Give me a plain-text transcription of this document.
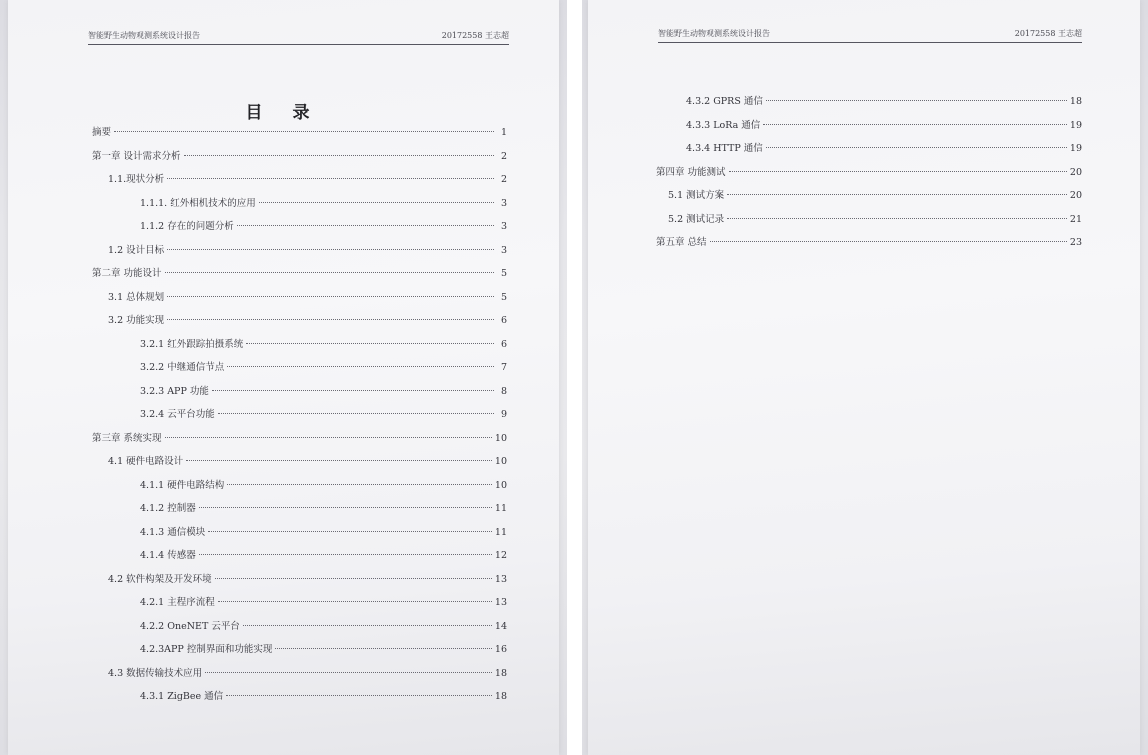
智能野生动物观测系统设计报告	20172558 王志超
目 录
摘要	1
第一章 设计需求分析	2
1.1.现状分析	2
1.1.1. 红外相机技术的应用	3
1.1.2 存在的问题分析	3
1.2 设计目标	3
第二章 功能设计	5
3.1 总体规划	5
3.2 功能实现	6
3.2.1 红外跟踪拍摄系统	6
3.2.2 中继通信节点	7
3.2.3 APP 功能	8
3.2.4 云平台功能	9
第三章 系统实现	10
4.1 硬件电路设计	10
4.1.1 硬件电路结构	10
4.1.2 控制器	11
4.1.3 通信模块	11
4.1.4 传感器	12
4.2 软件构架及开发环境	13
4.2.1 主程序流程	13
4.2.2 OneNET 云平台	14
4.2.3APP 控制界面和功能实现	16
4.3 数据传输技术应用	18
4.3.1 ZigBee 通信	18
智能野生动物观测系统设计报告	20172558 王志超
4.3.2 GPRS 通信	18
4.3.3 LoRa 通信	19
4.3.4 HTTP 通信	19
第四章 功能测试	20
5.1 测试方案	20
5.2 测试记录	21
第五章 总结	23
